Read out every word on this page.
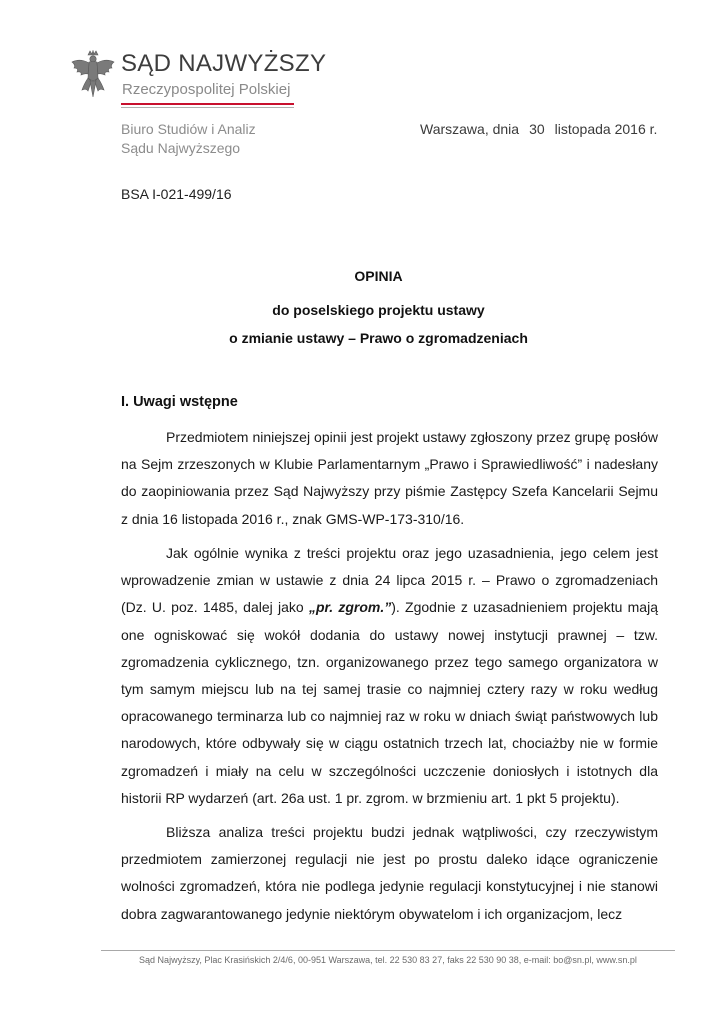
SĄD NAJWYŻSZY
Rzeczypospolitej Polskiej
Biuro Studiów i Analiz
Sądu Najwyższego
Warszawa, dnia 30 listopada 2016 r.
BSA I-021-499/16
OPINIA
do poselskiego projektu ustawy
o zmianie ustawy – Prawo o zgromadzeniach
I. Uwagi wstępne

Przedmiotem niniejszej opinii jest projekt ustawy zgłoszony przez grupę posłów na Sejm zrzeszonych w Klubie Parlamentarnym „Prawo i Sprawiedliwość” i nadesłany do zaopiniowania przez Sąd Najwyższy przy piśmie Zastępcy Szefa Kancelarii Sejmu z dnia 16 listopada 2016 r., znak GMS-WP-173-310/16.

Jak ogólnie wynika z treści projektu oraz jego uzasadnienia, jego celem jest wprowadzenie zmian w ustawie z dnia 24 lipca 2015 r. – Prawo o zgromadzeniach (Dz. U. poz. 1485, dalej jako „pr. zgrom.”). Zgodnie z uzasadnieniem projektu mają one ogniskować się wokół dodania do ustawy nowej instytucji prawnej – tzw. zgromadzenia cyklicznego, tzn. organizowanego przez tego samego organizatora w tym samym miejscu lub na tej samej trasie co najmniej cztery razy w roku według opracowanego terminarza lub co najmniej raz w roku w dniach świąt państwowych lub narodowych, które odbywały się w ciągu ostatnich trzech lat, chociażby nie w formie zgromadzeń i miały na celu w szczególności uczczenie doniosłych i istotnych dla historii RP wydarzeń (art. 26a ust. 1 pr. zgrom. w brzmieniu art. 1 pkt 5 projektu).

Bliższa analiza treści projektu budzi jednak wątpliwości, czy rzeczywistym przedmiotem zamierzonej regulacji nie jest po prostu daleko idące ograniczenie wolności zgromadzeń, która nie podlega jedynie regulacji konstytucyjnej i nie stanowi dobra zagwarantowanego jedynie niektórym obywatelom i ich organizacjom, lecz

Sąd Najwyższy, Plac Krasińskich 2/4/6, 00-951 Warszawa, tel. 22 530 83 27, faks 22 530 90 38, e-mail: bo@sn.pl, www.sn.pl
